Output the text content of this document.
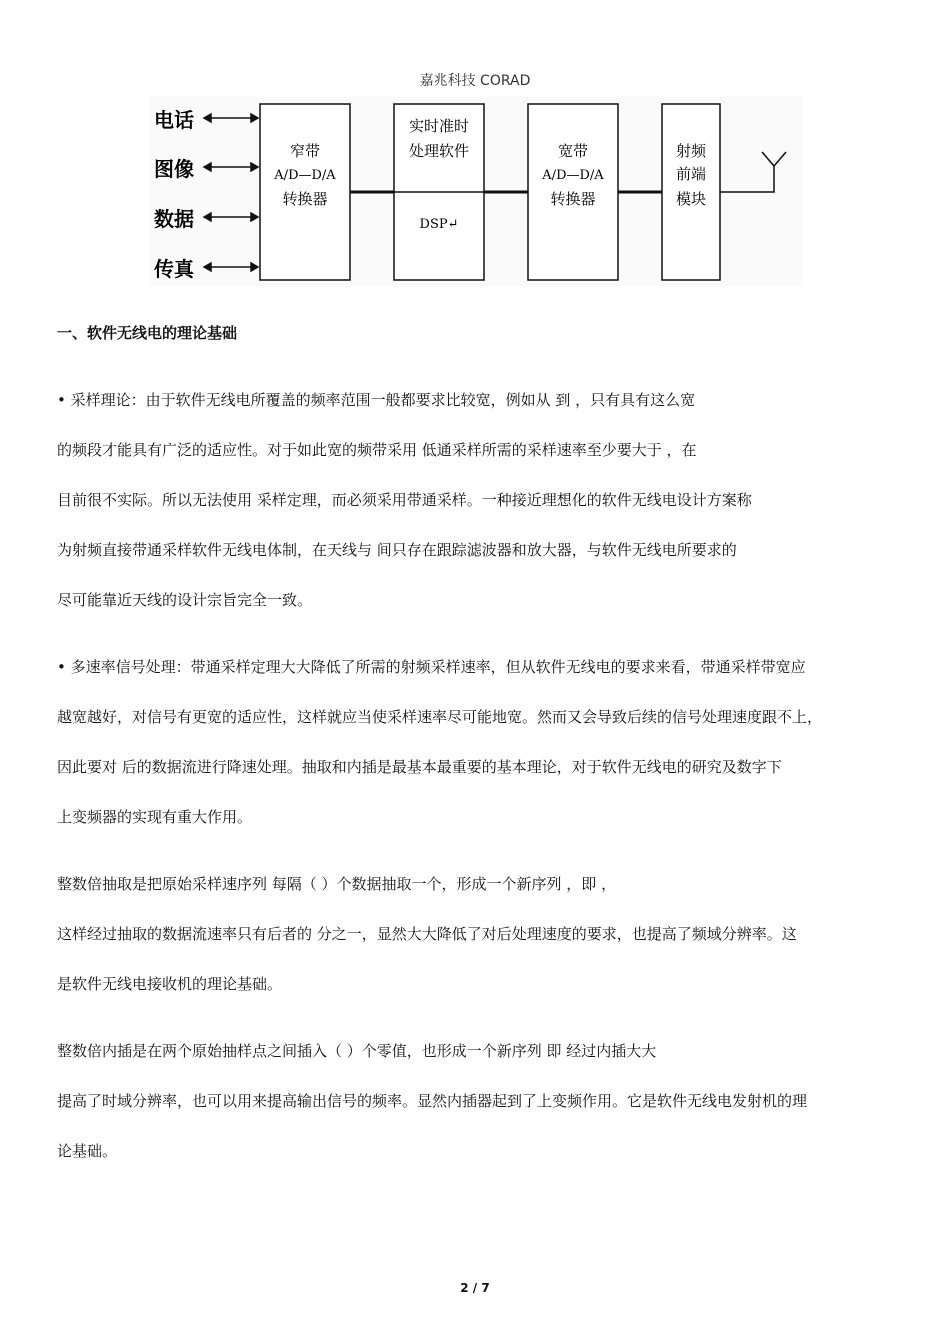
嘉兆科技 CORAD
电话
图像
数据
传真
窄带
A/D—D/A
转换器
实时准时
处理软件
DSP↵
宽带
A/D—D/A
转换器
射频
前端
模块
一、软件无线电的理论基础
• 采样理论：由于软件无线电所覆盖的频率范围一般都要求比较宽，例如从 到 ，只有具有这么宽
的频段才能具有广泛的适应性。对于如此宽的频带采用 低通采样所需的采样速率至少要大于 ，在
目前很不实际。所以无法使用 采样定理，而必须采用带通采样。一种接近理想化的软件无线电设计方案称
为射频直接带通采样软件无线电体制，在天线与 间只存在跟踪滤波器和放大器，与软件无线电所要求的
尽可能靠近天线的设计宗旨完全一致。
• 多速率信号处理：带通采样定理大大降低了所需的射频采样速率，但从软件无线电的要求来看，带通采样带宽应
越宽越好，对信号有更宽的适应性，这样就应当使采样速率尽可能地宽。然而又会导致后续的信号处理速度跟不上，
因此要对 后的数据流进行降速处理。抽取和内插是最基本最重要的基本理论，对于软件无线电的研究及数字下
上变频器的实现有重大作用。
整数倍抽取是把原始采样速序列 每隔（ ）个数据抽取一个，形成一个新序列 ，即 ，
这样经过抽取的数据流速率只有后者的 分之一，显然大大降低了对后处理速度的要求，也提高了频域分辨率。这
是软件无线电接收机的理论基础。
整数倍内插是在两个原始抽样点之间插入（ ）个零值，也形成一个新序列 即 经过内插大大
提高了时域分辨率，也可以用来提高输出信号的频率。显然内插器起到了上变频作用。它是软件无线电发射机的理
论基础。
2 / 7
